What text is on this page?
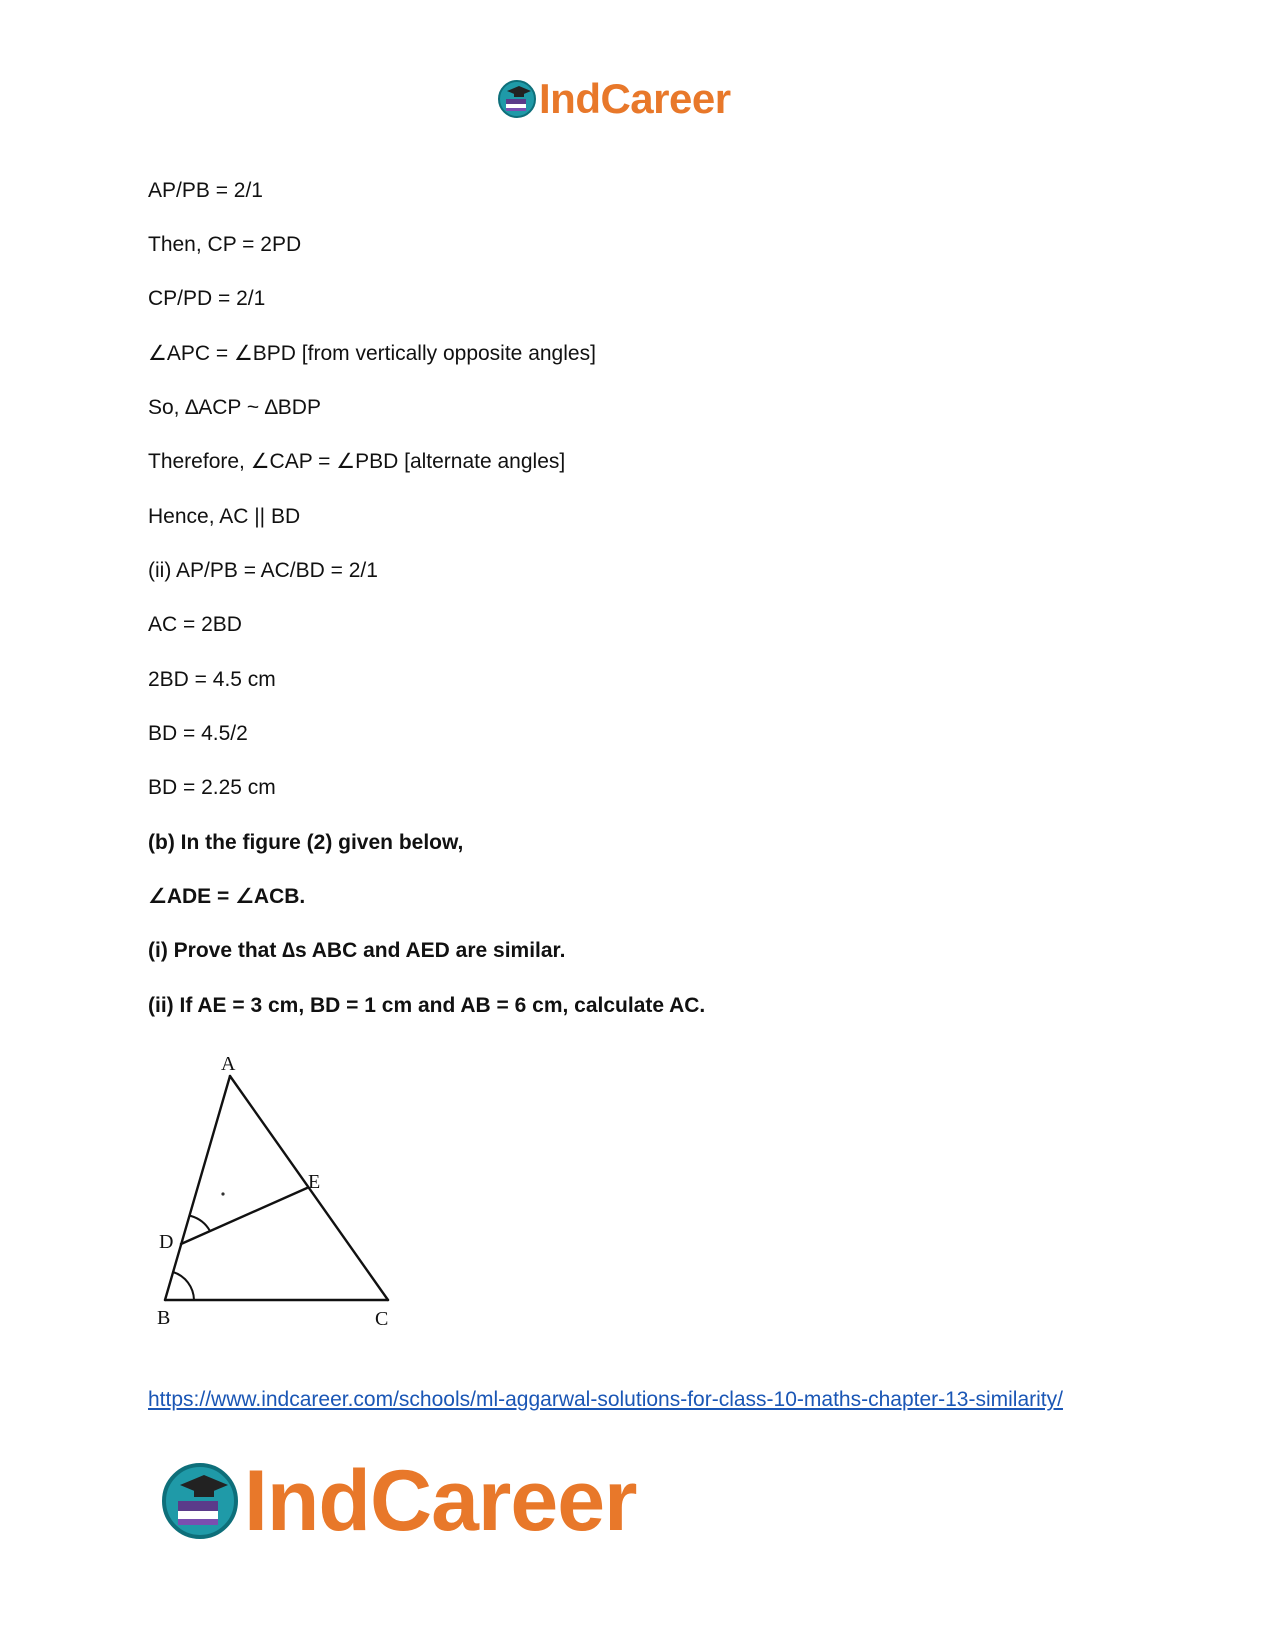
IndCareer

AP/PB = 2/1

Then, CP = 2PD

CP/PD = 2/1

∠APC = ∠BPD [from vertically opposite angles]

So, ∆ACP ~ ∆BDP

Therefore, ∠CAP = ∠PBD [alternate angles]

Hence, AC || BD

(ii) AP/PB = AC/BD = 2/1

AC = 2BD

2BD = 4.5 cm

BD = 4.5/2

BD = 2.25 cm

(b) In the figure (2) given below,

∠ADE = ∠ACB.

(i) Prove that ∆s ABC and AED are similar.

(ii) If AE = 3 cm, BD = 1 cm and AB = 6 cm, calculate AC.

A
B	C
D
E
https://www.indcareer.com/schools/ml-aggarwal-solutions-for-class-10-maths-chapter-13-similarity/
IndCareer
